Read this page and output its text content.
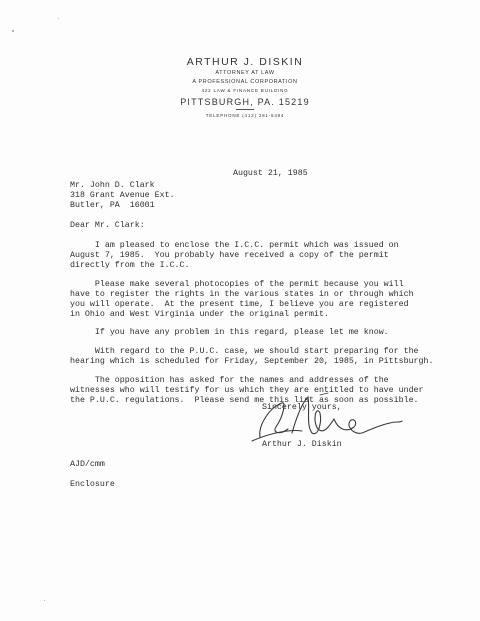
ARTHUR J. DISKIN
ATTORNEY AT LAW
A PROFESSIONAL CORPORATION
422 LAW & FINANCE BUILDING
PITTSBURGH, PA. 15219
TELEPHONE (412) 281-6494
August 21, 1985
Mr. John D. Clark
318 Grant Avenue Ext.
Butler, PA  16001
Dear Mr. Clark:
I am pleased to enclose the I.C.C. permit which was issued on
August 7, 1985.  You probably have received a copy of the permit
directly from the I.C.C.
Please make several photocopies of the permit because you will
have to register the rights in the various states in or through which
you will operate.  At the present time, I believe you are registered
in Ohio and West Virginia under the original permit.
If you have any problem in this regard, please let me know.
With regard to the P.U.C. case, we should start preparing for the
hearing which is scheduled for Friday, September 20, 1985, in Pittsburgh.
The opposition has asked for the names and addresses of the
witnesses who will testify for us which they are entitled to have under
the P.U.C. regulations.  Please send me this list as soon as possible.
Sincerely yours,
Arthur J. Diskin
AJD/cmm
Enclosure
